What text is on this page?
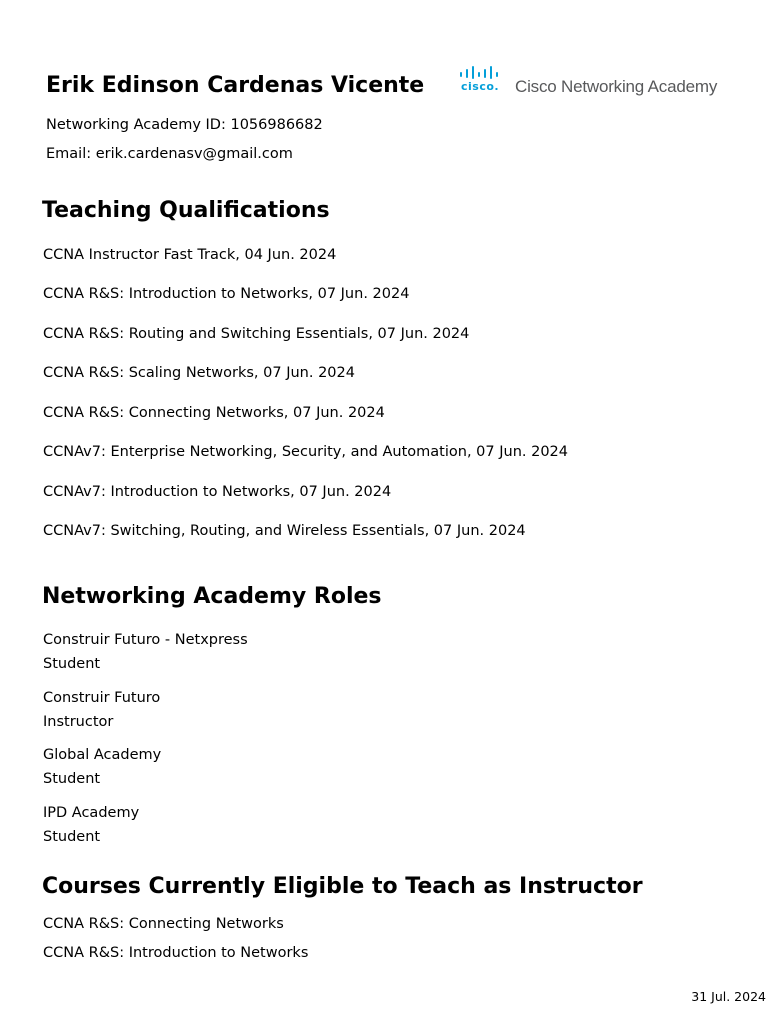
Erik Edinson Cardenas Vicente	cisco. Cisco Networking Academy
Networking Academy ID: 1056986682
Email: erik.cardenasv@gmail.com
Teaching Qualifications
CCNA Instructor Fast Track, 04 Jun. 2024
CCNA R&S: Introduction to Networks, 07 Jun. 2024
CCNA R&S: Routing and Switching Essentials, 07 Jun. 2024
CCNA R&S: Scaling Networks, 07 Jun. 2024
CCNA R&S: Connecting Networks, 07 Jun. 2024
CCNAv7: Enterprise Networking, Security, and Automation, 07 Jun. 2024
CCNAv7: Introduction to Networks, 07 Jun. 2024
CCNAv7: Switching, Routing, and Wireless Essentials, 07 Jun. 2024
Networking Academy Roles
Construir Futuro - Netxpress
Student
Construir Futuro
Instructor
Global Academy
Student
IPD Academy
Student
Courses Currently Eligible to Teach as Instructor
CCNA R&S: Connecting Networks
CCNA R&S: Introduction to Networks
31 Jul. 2024
